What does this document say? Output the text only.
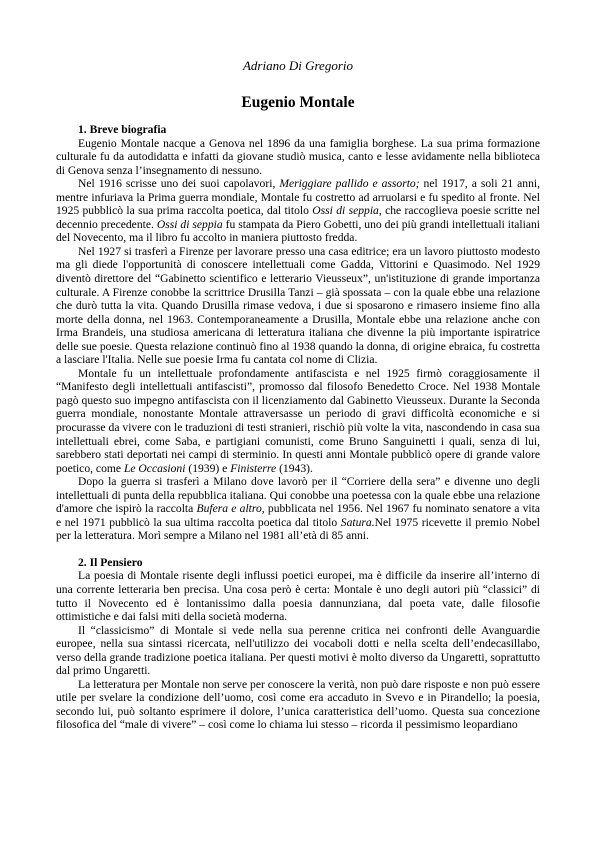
Adriano Di Gregorio
Eugenio Montale
1. Breve biografia

Eugenio Montale nacque a Genova nel 1896 da una famiglia borghese. La sua prima formazione culturale fu da autodidatta e infatti da giovane studiò musica, canto e lesse avidamente nella biblioteca di Genova senza l’insegnamento di nessuno.

Nel 1916 scrisse uno dei suoi capolavori, Meriggiare pallido e assorto; nel 1917, a soli 21 anni, mentre infuriava la Prima guerra mondiale, Montale fu costretto ad arruolarsi e fu spedito al fronte. Nel 1925 pubblicò la sua prima raccolta poetica, dal titolo Ossi di seppia, che raccoglieva poesie scritte nel decennio precedente. Ossi di seppia fu stampata da Piero Gobetti, uno dei più grandi intellettuali italiani del Novecento, ma il libro fu accolto in maniera piuttosto fredda.

Nel 1927 si trasferì a Firenze per lavorare presso una casa editrice; era un lavoro piuttosto modesto ma gli diede l'opportunità di conoscere intellettuali come Gadda, Vittorini e Quasimodo. Nel 1929 diventò direttore del “Gabinetto scientifico e letterario Vieusseux”, un'istituzione di grande importanza culturale. A Firenze conobbe la scrittrice Drusilla Tanzi – già spossata – con la quale ebbe una relazione che durò tutta la vita. Quando Drusilla rimase vedova, i due si sposarono e rimasero insieme fino alla morte della donna, nel 1963. Contemporaneamente a Drusilla, Montale ebbe una relazione anche con Irma Brandeis, una studiosa americana di letteratura italiana che divenne la più importante ispiratrice delle sue poesie. Questa relazione continuò fino al 1938 quando la donna, di origine ebraica, fu costretta a lasciare l'Italia. Nelle sue poesie Irma fu cantata col nome di Clizia.

Montale fu un intellettuale profondamente antifascista e nel 1925 firmò coraggiosamente il “Manifesto degli intellettuali antifascisti”, promosso dal filosofo Benedetto Croce. Nel 1938 Montale pagò questo suo impegno antifascista con il licenziamento dal Gabinetto Vieusseux. Durante la Seconda guerra mondiale, nonostante Montale attraversasse un periodo di gravi difficoltà economiche e si procurasse da vivere con le traduzioni di testi stranieri, rischiò più volte la vita, nascondendo in casa sua intellettuali ebrei, come Saba, e partigiani comunisti, come Bruno Sanguinetti i quali, senza di lui, sarebbero stati deportati nei campi di sterminio. In questi anni Montale pubblicò opere di grande valore poetico, come Le Occasioni (1939) e Finisterre (1943).

Dopo la guerra si trasferì a Milano dove lavorò per il “Corriere della sera” e divenne uno degli intellettuali di punta della repubblica italiana. Qui conobbe una poetessa con la quale ebbe una relazione d'amore che ispirò la raccolta Bufera e altro, pubblicata nel 1956. Nel 1967 fu nominato senatore a vita e nel 1971 pubblicò la sua ultima raccolta poetica dal titolo Satura.Nel 1975 ricevette il premio Nobel per la letteratura. Morì sempre a Milano nel 1981 all’età di 85 anni.

2. Il Pensiero

La poesia di Montale risente degli influssi poetici europei, ma è difficile da inserire all’interno di una corrente letteraria ben precisa. Una cosa però è certa: Montale è uno degli autori più “classici” di tutto il Novecento ed è lontanissimo dalla poesia dannunziana, dal poeta vate, dalle filosofie ottimistiche e dai falsi miti della società moderna.

Il “classicismo” di Montale si vede nella sua perenne critica nei confronti delle Avanguardie europee, nella sua sintassi ricercata, nell'utilizzo dei vocaboli dotti e nella scelta dell’endecasillabo, verso della grande tradizione poetica italiana. Per questi motivi è molto diverso da Ungaretti, soprattutto dal primo Ungaretti.

La letteratura per Montale non serve per conoscere la verità, non può dare risposte e non può essere utile per svelare la condizione dell’uomo, così come era accaduto in Svevo e in Pirandello; la poesia, secondo lui, può soltanto esprimere il dolore, l’unica caratteristica dell’uomo. Questa sua concezione filosofica del “male di vivere” – così come lo chiama lui stesso – ricorda il pessimismo leopardiano
